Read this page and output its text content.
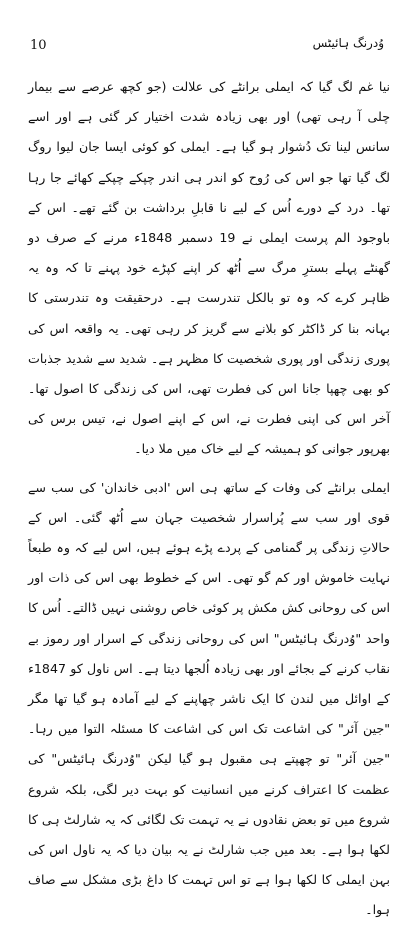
10	وُدرنگ ہائیٹس

نیا غم لگ گیا کہ ایملی برانٹے کی علالت (جو کچھ عرصے سے بیمار چلی آ رہی تھی) اور بھی زیادہ شدت اختیار کر گئی ہے اور اسے سانس لینا تک دُشوار ہو گیا ہے۔ ایملی کو کوئی ایسا جان لیوا روگ لگ گیا تھا جو اس کی رُوح کو اندر ہی اندر چپکے چپکے کھائے جا رہا تھا۔ درد کے دورے اُس کے لیے نا قابلِ برداشت بن گئے تھے۔ اس کے باوجود الم پرست ایملی نے 19 دسمبر 1848ء مرنے کے صرف دو گھنٹے پہلے بسترِ مرگ سے اُٹھ کر اپنے کپڑے خود پہنے تا کہ وہ یہ ظاہر کرے کہ وہ تو بالکل تندرست ہے۔ درحقیقت وہ تندرستی کا بہانہ بنا کر ڈاکٹر کو بلانے سے گریز کر رہی تھی۔ یہ واقعہ اس کی پوری زندگی اور پوری شخصیت کا مظہر ہے۔ شدید سے شدید جذبات کو بھی چھپا جانا اس کی فطرت تھی، اس کی زندگی کا اصول تھا۔ آخر اس کی اپنی فطرت نے، اس کے اپنے اصول نے، تیس برس کی بھرپور جوانی کو ہمیشہ کے لیے خاک میں ملا دیا۔

ایملی برانٹے کی وفات کے ساتھ ہی اس 'ادبی خاندان' کی سب سے قوی اور سب سے پُراسرار شخصیت جہان سے اُٹھ گئی۔ اس کے حالاتِ زندگی پر گمنامی کے پردے پڑے ہوئے ہیں، اس لیے کہ وہ طبعاً نہایت خاموش اور کم گو تھی۔ اس کے خطوط بھی اس کی ذات اور اس کی روحانی کش مکش پر کوئی خاص روشنی نہیں ڈالتے۔ اُس کا واحد "وُدرنگ ہائیٹس" اس کی روحانی زندگی کے اسرار اور رموز بے نقاب کرنے کے بجائے اور بھی زیادہ اُلجھا دیتا ہے۔ اس ناول کو 1847ء کے اوائل میں لندن کا ایک ناشر چھاپنے کے لیے آمادہ ہو گیا تھا مگر "جین آئر" کی اشاعت تک اس کی اشاعت کا مسئلہ التوا میں رہا۔ "جین آئر" تو چھپتے ہی مقبول ہو گیا لیکن "وُدرنگ ہائیٹس" کی عظمت کا اعتراف کرنے میں انسانیت کو بہت دیر لگی، بلکہ شروع شروع میں تو بعض نقادوں نے یہ تہمت تک لگائی کہ یہ شارلٹ ہی کا لکھا ہوا ہے۔ بعد میں جب شارلٹ نے یہ بیان دیا کہ یہ ناول اس کی بہن ایملی کا لکھا ہوا ہے تو اس تہمت کا داغ بڑی مشکل سے صاف ہوا۔
